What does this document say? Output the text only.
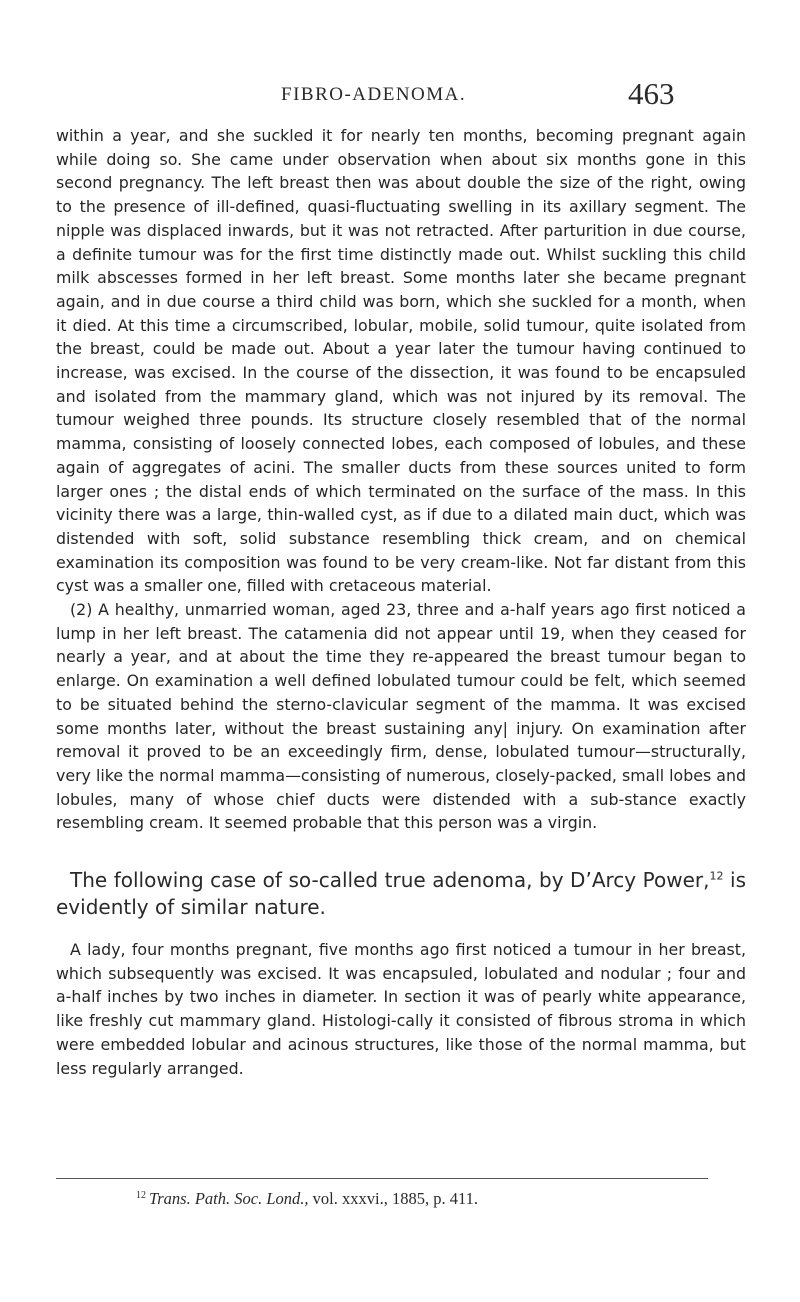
FIBRO-ADENOMA.	463

within a year, and she suckled it for nearly ten months, becoming pregnant again while doing so. She came under observation when about six months gone in this second pregnancy. The left breast then was about double the size of the right, owing to the presence of ill-defined, quasi-fluctuating swelling in its axillary segment. The nipple was displaced inwards, but it was not retracted. After parturition in due course, a definite tumour was for the first time distinctly made out. Whilst suckling this child milk abscesses formed in her left breast. Some months later she became pregnant again, and in due course a third child was born, which she suckled for a month, when it died. At this time a circumscribed, lobular, mobile, solid tumour, quite isolated from the breast, could be made out. About a year later the tumour having continued to increase, was excised. In the course of the dissection, it was found to be encapsuled and isolated from the mammary gland, which was not injured by its removal. The tumour weighed three pounds. Its structure closely resembled that of the normal mamma, consisting of loosely connected lobes, each composed of lobules, and these again of aggregates of acini. The smaller ducts from these sources united to form larger ones ; the distal ends of which terminated on the surface of the mass. In this vicinity there was a large, thin-walled cyst, as if due to a dilated main duct, which was distended with soft, solid substance resembling thick cream, and on chemical examination its composition was found to be very cream-like. Not far distant from this cyst was a smaller one, filled with cretaceous material.

(2) A healthy, unmarried woman, aged 23, three and a-half years ago first noticed a lump in her left breast. The catamenia did not appear until 19, when they ceased for nearly a year, and at about the time they re-appeared the breast tumour began to enlarge. On examination a well defined lobulated tumour could be felt, which seemed to be situated behind the sterno-clavicular segment of the mamma. It was excised some months later, without the breast sustaining any| injury. On examination after removal it proved to be an exceedingly firm, dense, lobulated tumour—structurally, very like the normal mamma—consisting of numerous, closely-packed, small lobes and lobules, many of whose chief ducts were distended with a sub-stance exactly resembling cream. It seemed probable that this person was a virgin.

The following case of so-called true adenoma, by D’Arcy Power,$^{12}$ is evidently of similar nature.

A lady, four months pregnant, five months ago first noticed a tumour in her breast, which subsequently was excised. It was encapsuled, lobulated and nodular ; four and a-half inches by two inches in diameter. In section it was of pearly white appearance, like freshly cut mammary gland. Histologi-cally it consisted of fibrous stroma in which were embedded lobular and acinous structures, like those of the normal mamma, but less regularly arranged.

$^{12}$ Trans. Path. Soc. Lond., vol. xxxvi., 1885, p. 411.
